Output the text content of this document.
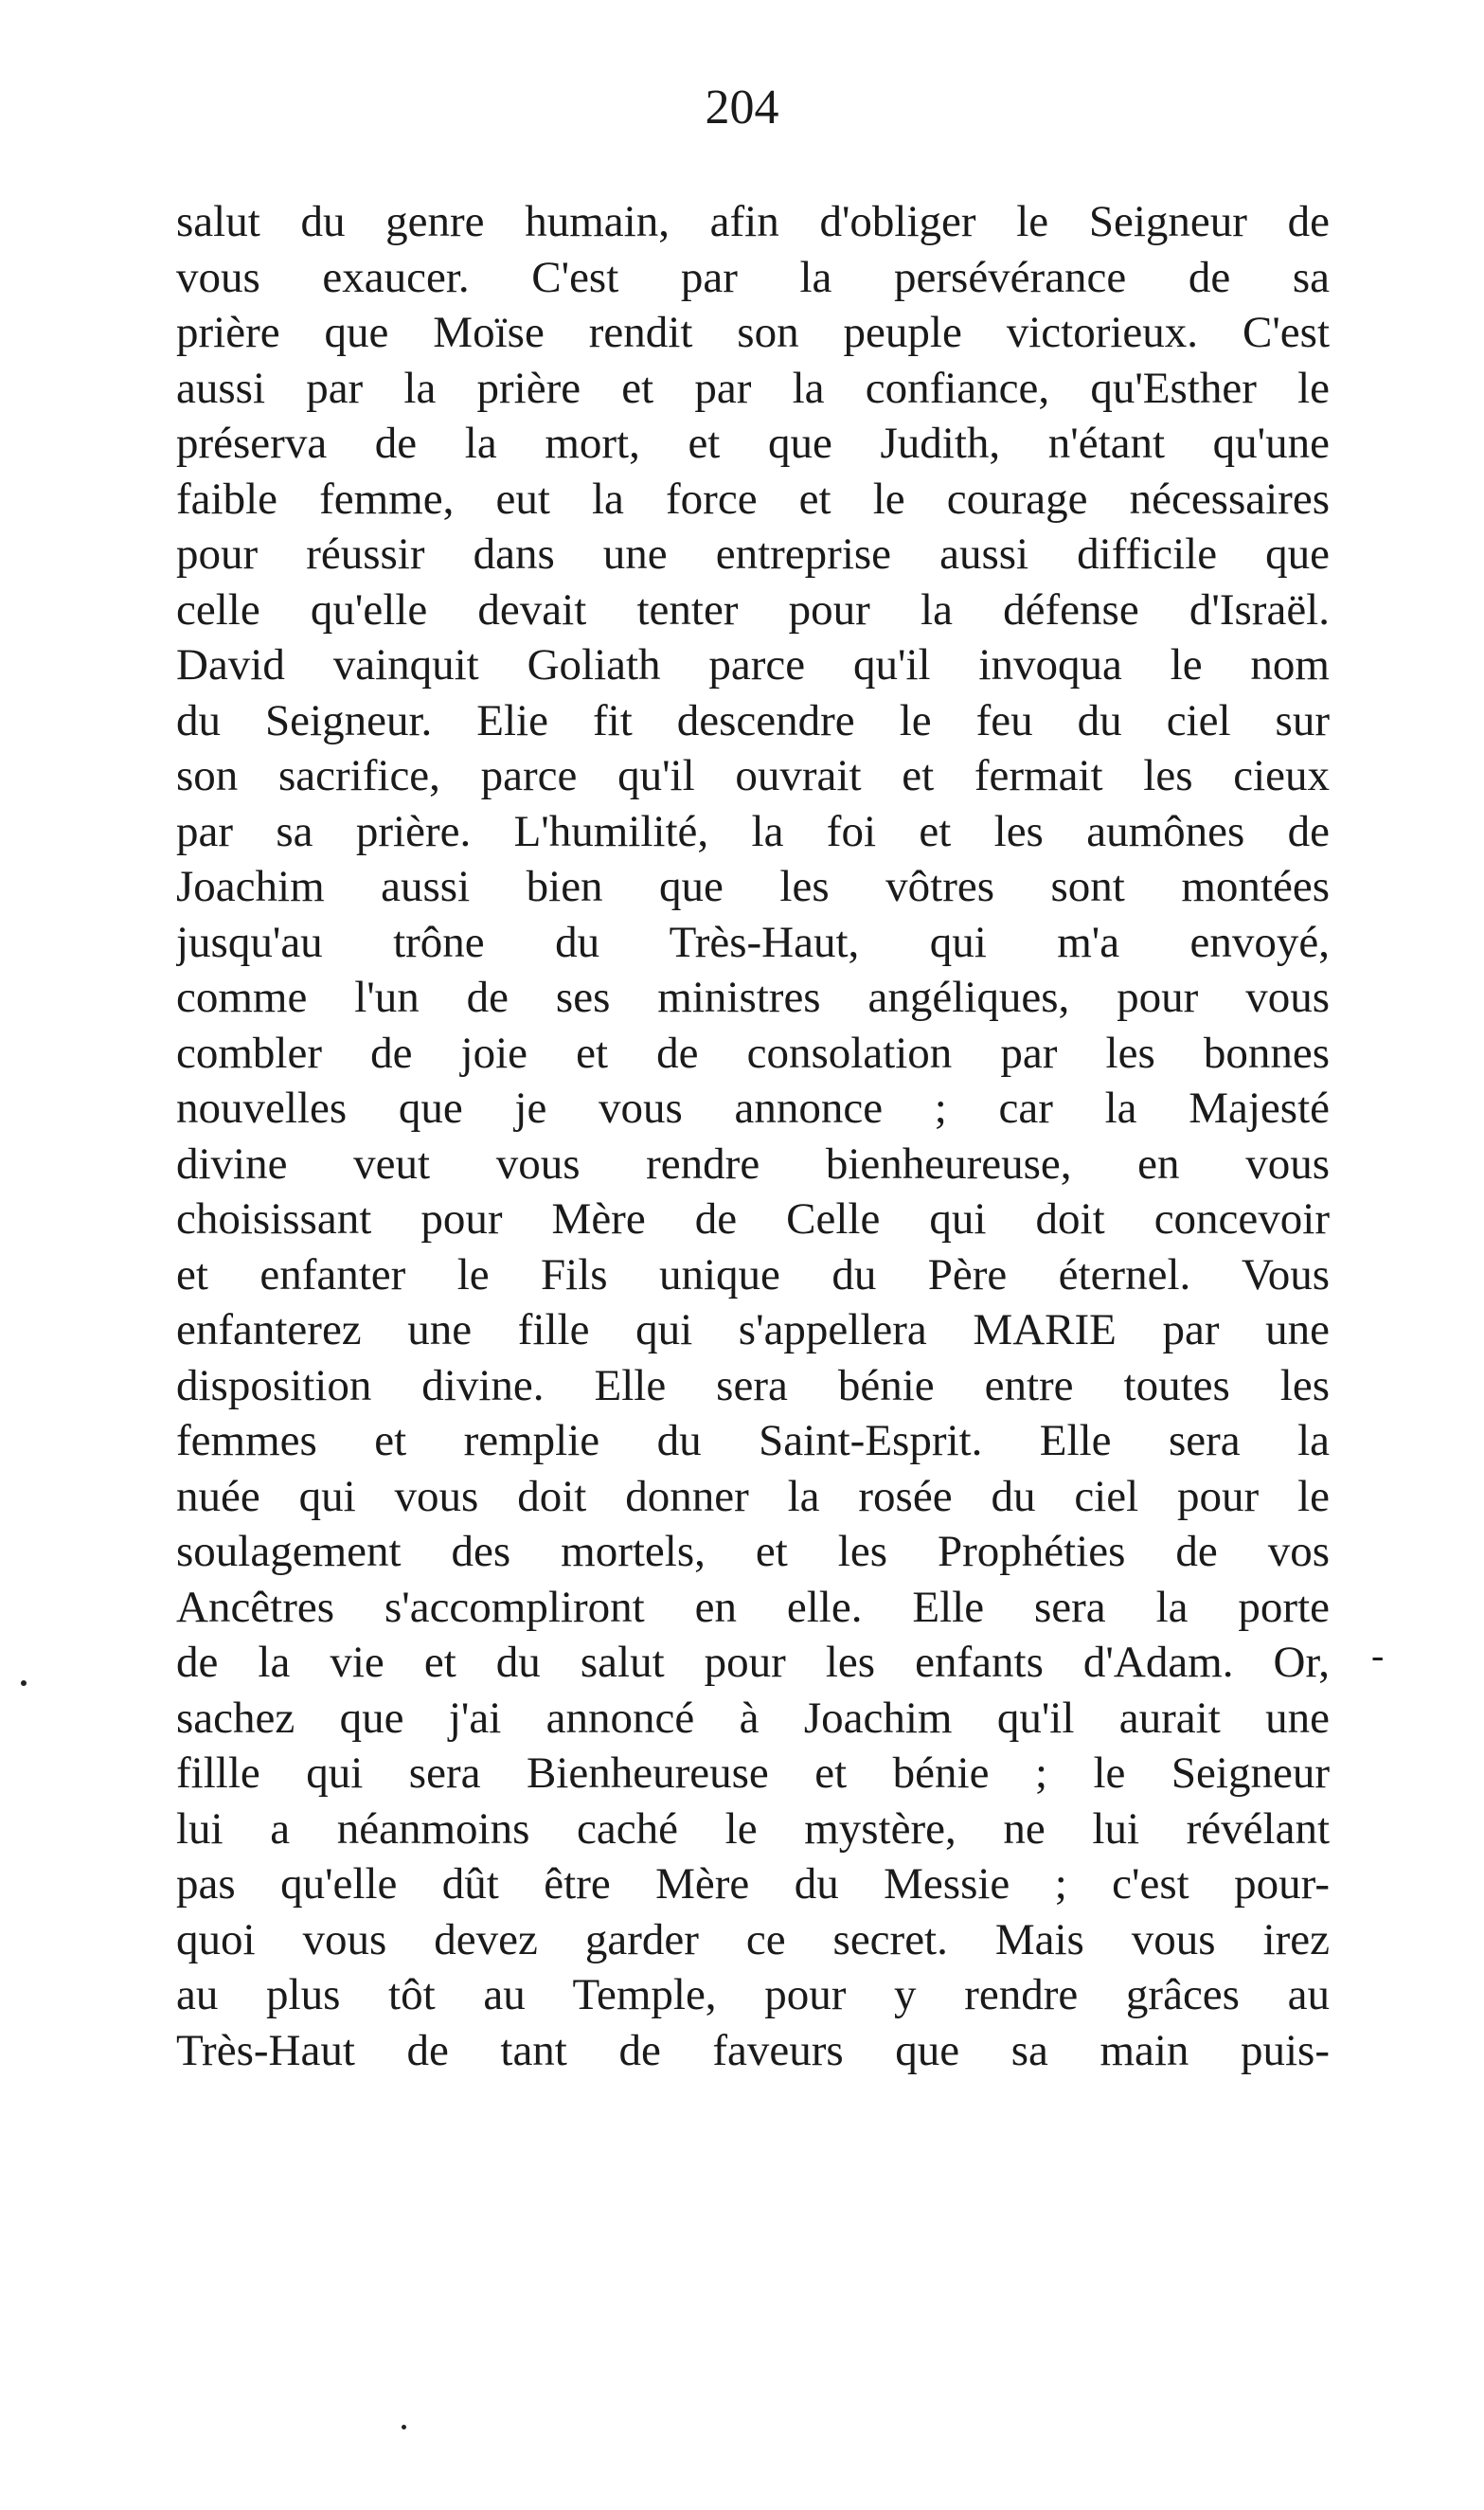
204
salut du genre humain, afin d'obliger le Seigneur de
vous exaucer. C'est par la persévérance de sa
prière que Moïse rendit son peuple victorieux. C'est
aussi par la prière et par la confiance, qu'Esther le
préserva de la mort, et que Judith, n'étant qu'une
faible femme, eut la force et le courage nécessaires
pour réussir dans une entreprise aussi difficile que
celle qu'elle devait tenter pour la défense d'Israël.
David vainquit Goliath parce qu'il invoqua le nom
du Seigneur. Elie fit descendre le feu du ciel sur
son sacrifice, parce qu'il ouvrait et fermait les cieux
par sa prière. L'humilité, la foi et les aumônes de
Joachim aussi bien que les vôtres sont montées
jusqu'au trône du Très-Haut, qui m'a envoyé,
comme l'un de ses ministres angéliques, pour vous
combler de joie et de consolation par les bonnes
nouvelles que je vous annonce ; car la Majesté
divine veut vous rendre bienheureuse, en vous
choisissant pour Mère de Celle qui doit concevoir
et enfanter le Fils unique du Père éternel. Vous
enfanterez une fille qui s'appellera MARIE par une
disposition divine. Elle sera bénie entre toutes les
femmes et remplie du Saint-Esprit. Elle sera la
nuée qui vous doit donner la rosée du ciel pour le
soulagement des mortels, et les Prophéties de vos
Ancêtres s'accompliront en elle. Elle sera la porte
de la vie et du salut pour les enfants d'Adam. Or,
sachez que j'ai annoncé à Joachim qu'il aurait une
fillle qui sera Bienheureuse et bénie ; le Seigneur
lui a néanmoins caché le mystère, ne lui révélant
pas qu'elle dût être Mère du Messie ; c'est pour-
quoi vous devez garder ce secret. Mais vous irez
au plus tôt au Temple, pour y rendre grâces au
Très-Haut de tant de faveurs que sa main puis-
-
